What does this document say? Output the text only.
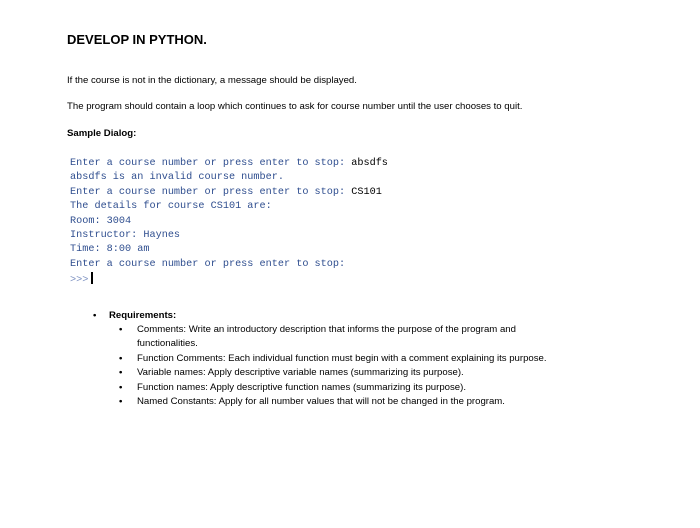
DEVELOP IN PYTHON.

If the course is not in the dictionary, a message should be displayed.

The program should contain a loop which continues to ask for course number until the user chooses to quit.

Sample Dialog:
Enter a course number or press enter to stop: absdfs
absdfs is an invalid course number.
Enter a course number or press enter to stop: CS101
The details for course CS101 are:
Room: 3004
Instructor: Haynes
Time: 8:00 am
Enter a course number or press enter to stop:
>>>
• Requirements:
• Comments: Write an introductory description that informs the purpose of the program and functionalities.
• Function Comments: Each individual function must begin with a comment explaining its purpose.
• Variable names: Apply descriptive variable names (summarizing its purpose).
• Function names: Apply descriptive function names (summarizing its purpose).
• Named Constants: Apply for all number values that will not be changed in the program.
